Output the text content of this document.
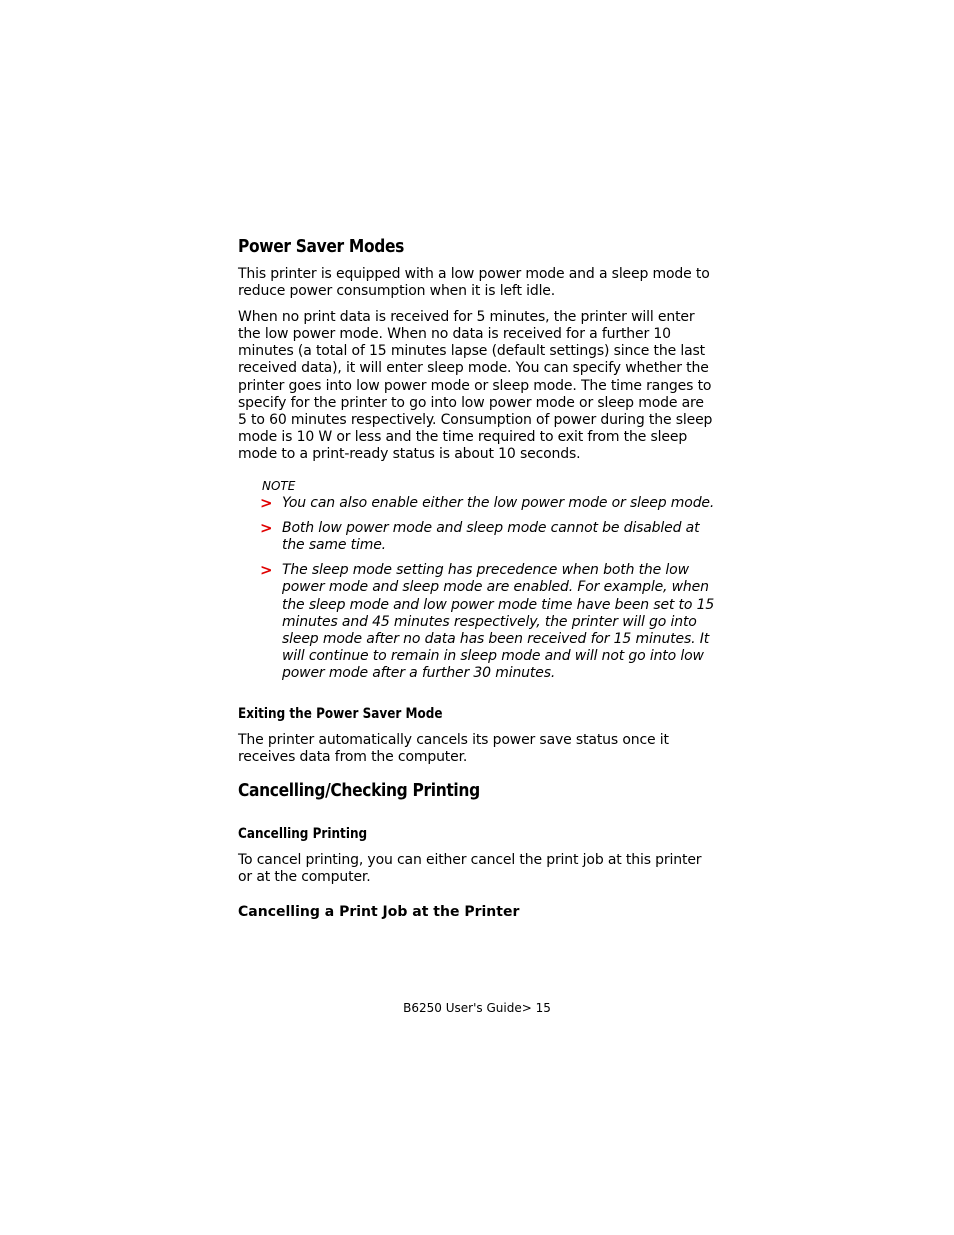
Power Saver Modes

This printer is equipped with a low power mode and a sleep mode to reduce power consumption when it is left idle.

When no print data is received for 5 minutes, the printer will enter the low power mode. When no data is received for a further 10 minutes (a total of 15 minutes lapse (default settings) since the last received data), it will enter sleep mode. You can specify whether the printer goes into low power mode or sleep mode. The time ranges to specify for the printer to go into low power mode or sleep mode are 5 to 60 minutes respectively. Consumption of power during the sleep mode is 10 W or less and the time required to exit from the sleep mode to a print-ready status is about 10 seconds.

NOTE
> You can also enable either the low power mode or sleep mode.
> Both low power mode and sleep mode cannot be disabled at the same time.
> The sleep mode setting has precedence when both the low power mode and sleep mode are enabled. For example, when the sleep mode and low power mode time have been set to 15 minutes and 45 minutes respectively, the printer will go into sleep mode after no data has been received for 15 minutes. It will continue to remain in sleep mode and will not go into low power mode after a further 30 minutes.
Exiting the Power Saver Mode

The printer automatically cancels its power save status once it receives data from the computer.

Cancelling/Checking Printing
Cancelling Printing

To cancel printing, you can either cancel the print job at this printer or at the computer.

Cancelling a Print Job at the Printer
B6250 User's Guide> 15
